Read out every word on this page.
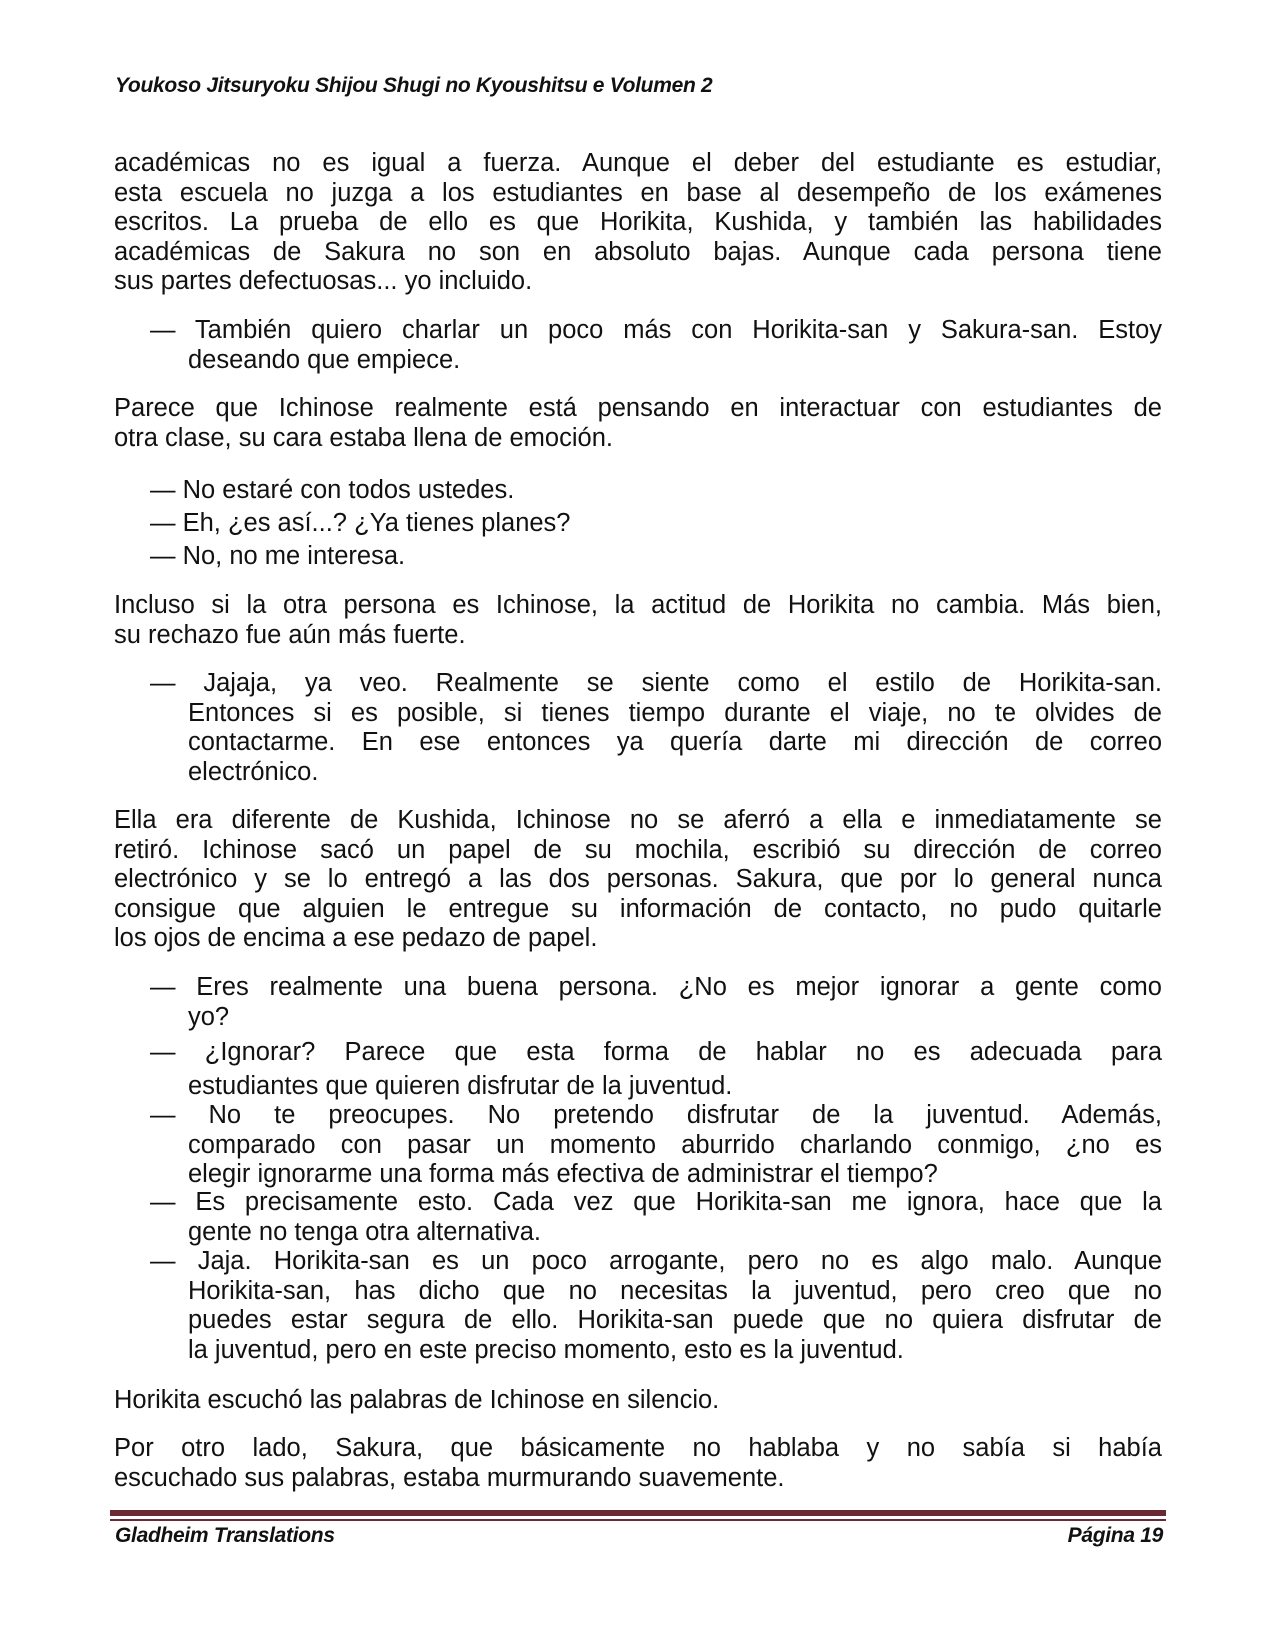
Youkoso Jitsuryoku Shijou Shugi no Kyoushitsu e Volumen 2
académicas no es igual a fuerza. Aunque el deber del estudiante es estudiar,
esta escuela no juzga a los estudiantes en base al desempeño de los exámenes
escritos. La prueba de ello es que Horikita, Kushida, y también las habilidades
académicas de Sakura no son en absoluto bajas. Aunque cada persona tiene
sus partes defectuosas... yo incluido.
— También quiero charlar un poco más con Horikita-san y Sakura-san. Estoy
deseando que empiece.
Parece que Ichinose realmente está pensando en interactuar con estudiantes de
otra clase, su cara estaba llena de emoción.
— No estaré con todos ustedes.
— Eh, ¿es así...? ¿Ya tienes planes?
— No, no me interesa.
Incluso si la otra persona es Ichinose, la actitud de Horikita no cambia. Más bien,
su rechazo fue aún más fuerte.
— Jajaja, ya veo. Realmente se siente como el estilo de Horikita-san.
Entonces si es posible, si tienes tiempo durante el viaje, no te olvides de
contactarme. En ese entonces ya quería darte mi dirección de correo
electrónico.
Ella era diferente de Kushida, Ichinose no se aferró a ella e inmediatamente se
retiró. Ichinose sacó un papel de su mochila, escribió su dirección de correo
electrónico y se lo entregó a las dos personas. Sakura, que por lo general nunca
consigue que alguien le entregue su información de contacto, no pudo quitarle
los ojos de encima a ese pedazo de papel.
— Eres realmente una buena persona. ¿No es mejor ignorar a gente como
yo?
— ¿Ignorar? Parece que esta forma de hablar no es adecuada para
estudiantes que quieren disfrutar de la juventud.
— No te preocupes. No pretendo disfrutar de la juventud. Además,
comparado con pasar un momento aburrido charlando conmigo, ¿no es
elegir ignorarme una forma más efectiva de administrar el tiempo?
— Es precisamente esto. Cada vez que Horikita-san me ignora, hace que la
gente no tenga otra alternativa.
— Jaja. Horikita-san es un poco arrogante, pero no es algo malo. Aunque
Horikita-san, has dicho que no necesitas la juventud, pero creo que no
puedes estar segura de ello. Horikita-san puede que no quiera disfrutar de
la juventud, pero en este preciso momento, esto es la juventud.
Horikita escuchó las palabras de Ichinose en silencio.
Por otro lado, Sakura, que básicamente no hablaba y no sabía si había
escuchado sus palabras, estaba murmurando suavemente.
Gladheim Translations	Página 19
